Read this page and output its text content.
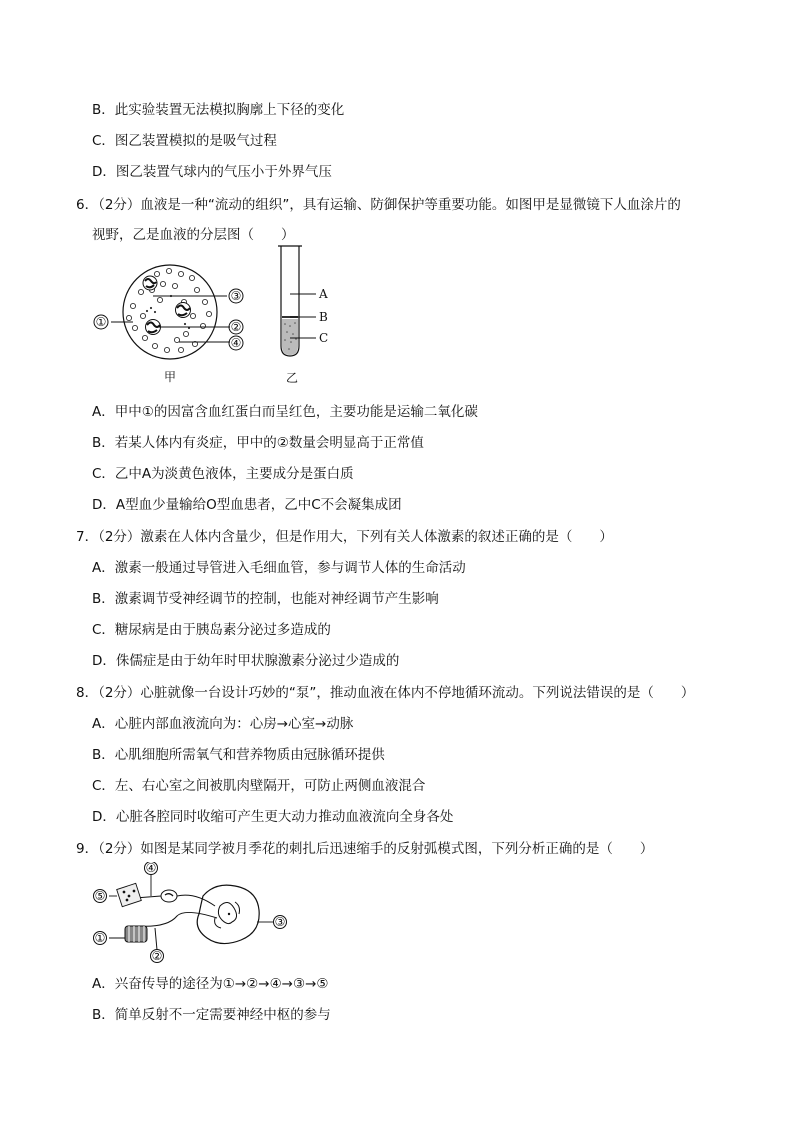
B．此实验装置无法模拟胸廓上下径的变化
C．图乙装置模拟的是吸气过程
D．图乙装置气球内的气压小于外界气压
6．（2分）血液是一种“流动的组织”，具有运输、防御保护等重要功能。如图甲是显微镜下人血涂片的
视野，乙是血液的分层图（　　）
③
②
④
①
甲
A
B
C
乙
A．甲中①的因富含血红蛋白而呈红色，主要功能是运输二氧化碳
B．若某人体内有炎症，甲中的②数量会明显高于正常值
C．乙中A为淡黄色液体，主要成分是蛋白质
D．A型血少量输给O型血患者，乙中C不会凝集成团
7．（2分）激素在人体内含量少，但是作用大，下列有关人体激素的叙述正确的是（　　）
A．激素一般通过导管进入毛细血管，参与调节人体的生命活动
B．激素调节受神经调节的控制，也能对神经调节产生影响
C．糖尿病是由于胰岛素分泌过多造成的
D．侏儒症是由于幼年时甲状腺激素分泌过少造成的
8．（2分）心脏就像一台设计巧妙的“泵”，推动血液在体内不停地循环流动。下列说法错误的是（　　）
A．心脏内部血液流向为：心房→心室→动脉
B．心肌细胞所需氧气和营养物质由冠脉循环提供
C．左、右心室之间被肌肉壁隔开，可防止两侧血液混合
D．心脏各腔同时收缩可产生更大动力推动血液流向全身各处
9．（2分）如图是某同学被月季花的刺扎后迅速缩手的反射弧模式图，下列分析正确的是（　　）
④
⑤
①
②
③
A．兴奋传导的途径为①→②→④→③→⑤
B．简单反射不一定需要神经中枢的参与
